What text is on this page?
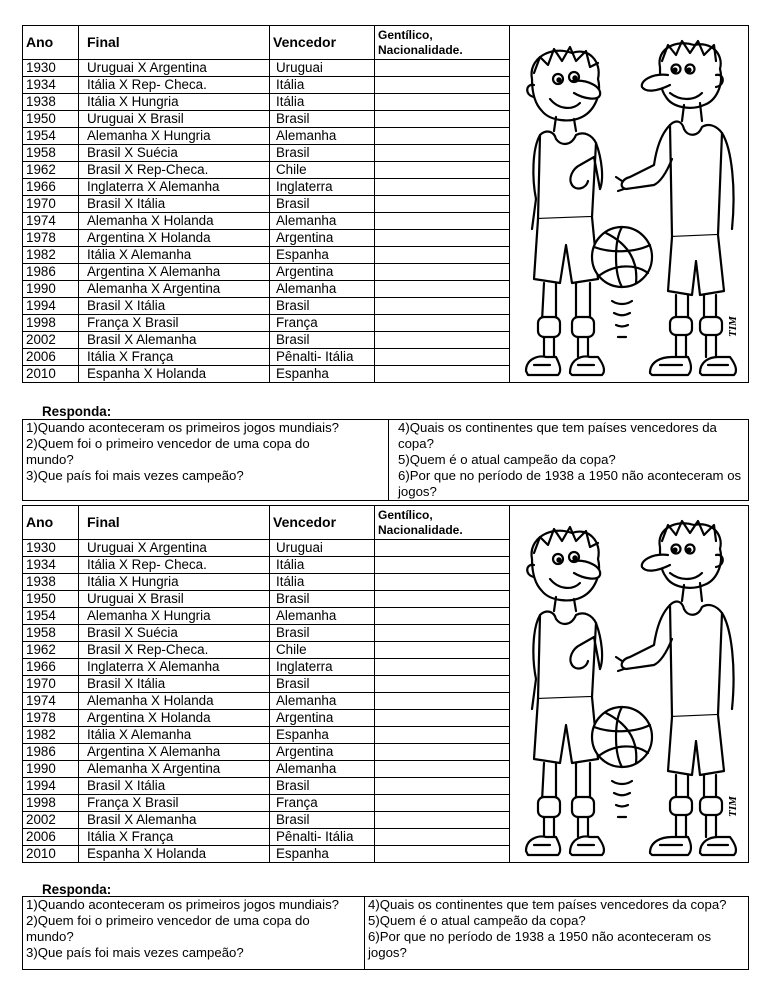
Ano	Final	Vencedor	Gentílico,
Nacionalidade.	TIM

1930	Uruguai X Argentina	Uruguai		
1934	Itália X Rep- Checa.	Itália		
1938	Itália X Hungria	Itália		
1950	Uruguai X Brasil	Brasil		
1954	Alemanha X Hungria	Alemanha		
1958	Brasil X Suécia	Brasil		
1962	Brasil X Rep-Checa.	Chile		
1966	Inglaterra X Alemanha	Inglaterra		
1970	Brasil X Itália	Brasil		
1974	Alemanha X Holanda	Alemanha		
1978	Argentina X Holanda	Argentina		
1982	Itália X Alemanha	Espanha		
1986	Argentina X Alemanha	Argentina		
1990	Alemanha X Argentina	Alemanha		
1994	Brasil X Itália	Brasil		
1998	França X Brasil	França		
2002	Brasil X Alemanha	Brasil		
2006	Itália X França	Pênalti- Itália		
2010	Espanha X Holanda	Espanha		
Responda:
1)Quando aconteceram os primeiros jogos mundiais?
2)Quem foi o primeiro vencedor de uma copa do
mundo?
3)Que país foi mais vezes campeão?

4)Quais os continentes que tem países vencedores da
copa?
5)Quem é o atual campeão da copa?
6)Por que no período de 1938 a 1950 não aconteceram os
jogos?
Ano	Final	Vencedor	Gentílico,
Nacionalidade.	TIM

1930	Uruguai X Argentina	Uruguai		
1934	Itália X Rep- Checa.	Itália		
1938	Itália X Hungria	Itália		
1950	Uruguai X Brasil	Brasil		
1954	Alemanha X Hungria	Alemanha		
1958	Brasil X Suécia	Brasil		
1962	Brasil X Rep-Checa.	Chile		
1966	Inglaterra X Alemanha	Inglaterra		
1970	Brasil X Itália	Brasil		
1974	Alemanha X Holanda	Alemanha		
1978	Argentina X Holanda	Argentina		
1982	Itália X Alemanha	Espanha		
1986	Argentina X Alemanha	Argentina		
1990	Alemanha X Argentina	Alemanha		
1994	Brasil X Itália	Brasil		
1998	França X Brasil	França		
2002	Brasil X Alemanha	Brasil		
2006	Itália X França	Pênalti- Itália		
2010	Espanha X Holanda	Espanha		
Responda:
1)Quando aconteceram os primeiros jogos mundiais?
2)Quem foi o primeiro vencedor de uma copa do
mundo?
3)Que país foi mais vezes campeão?

4)Quais os continentes que tem países vencedores da copa?
5)Quem é o atual campeão da copa?
6)Por que no período de 1938 a 1950 não aconteceram os
jogos?
